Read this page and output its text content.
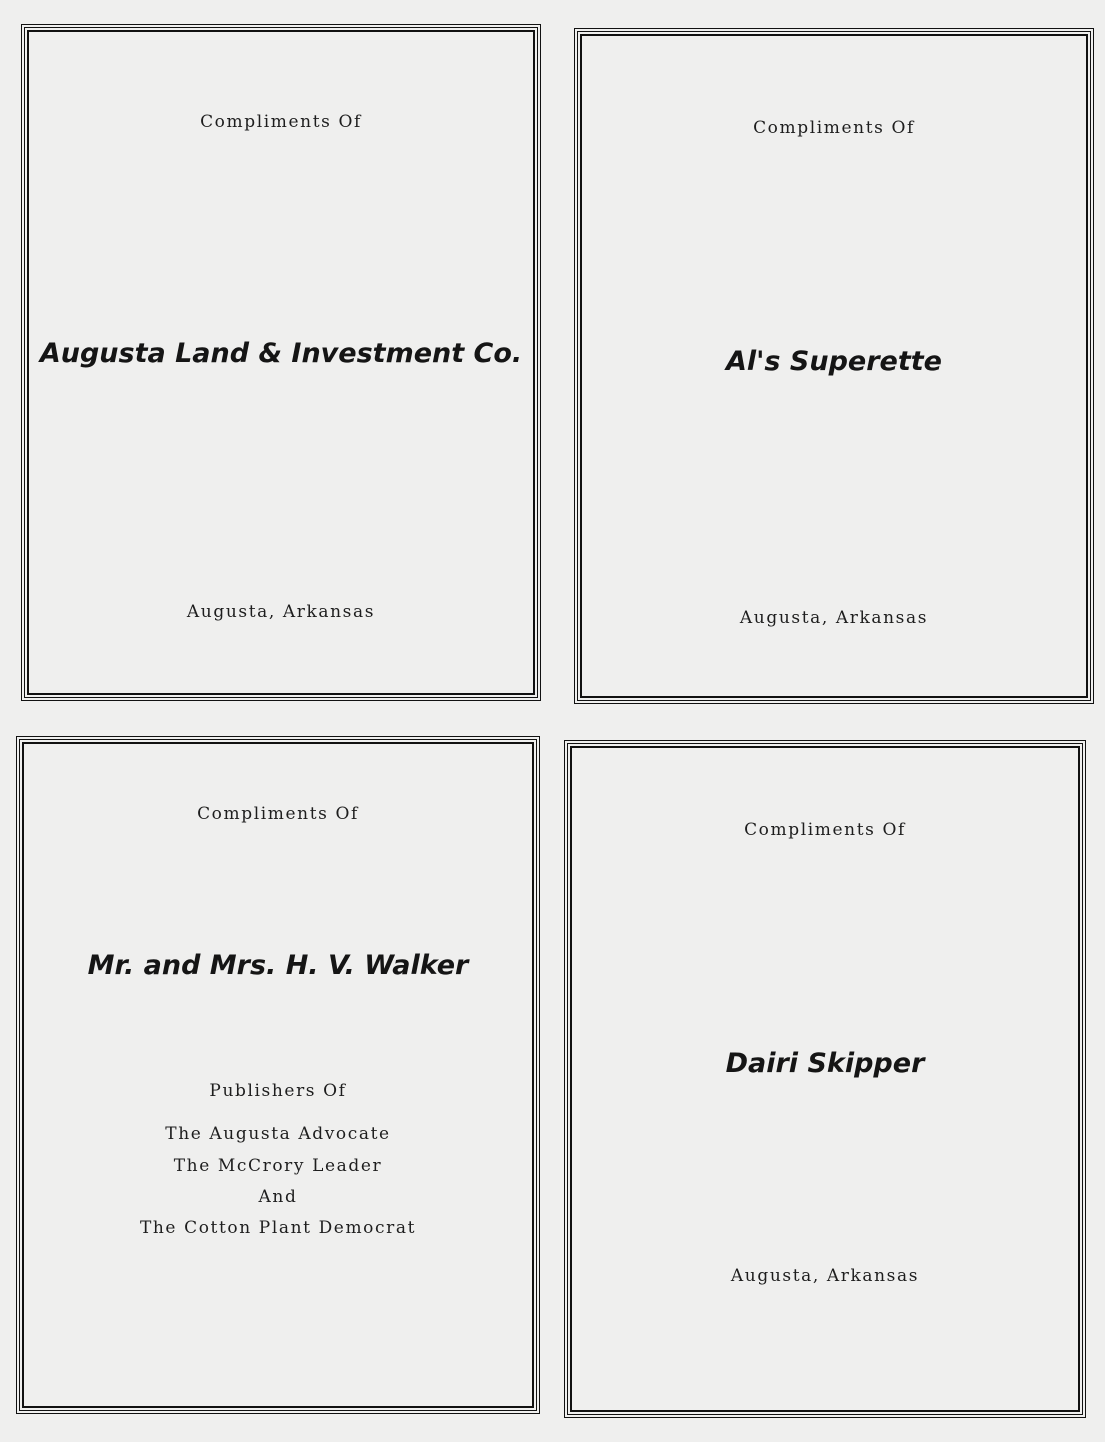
Compliments Of
Augusta Land & Investment Co.
Augusta, Arkansas
Compliments Of
Al's Superette
Augusta, Arkansas
Compliments Of
Mr. and Mrs. H. V. Walker
Publishers Of
The Augusta Advocate
The McCrory Leader
And
The Cotton Plant Democrat
Compliments Of
Dairi Skipper
Augusta, Arkansas
